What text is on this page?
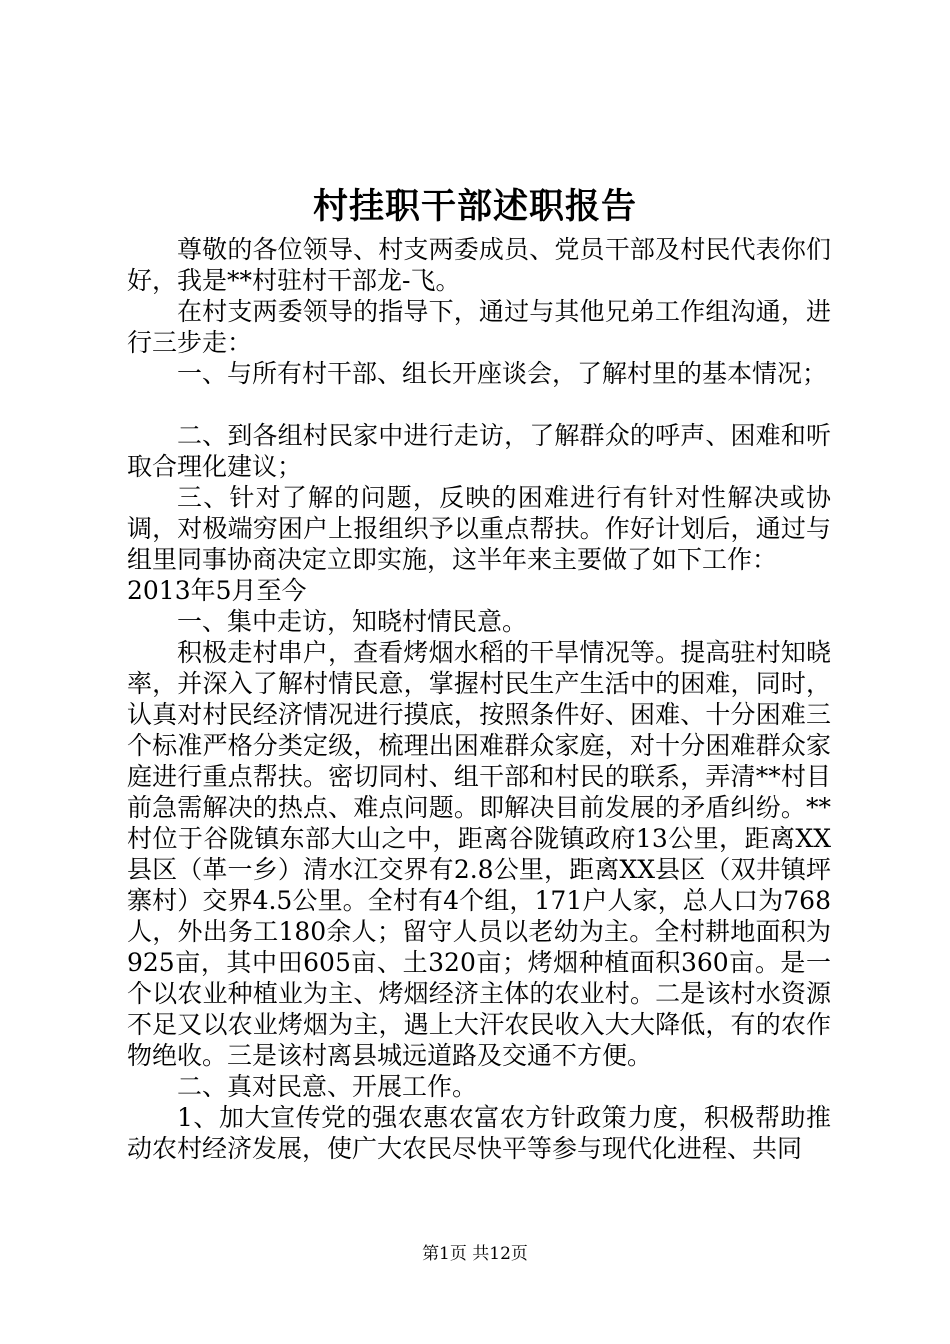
村挂职干部述职报告

尊敬的各位领导、村支两委成员、党员干部及村民代表你们好，我是**村驻村干部龙-飞。

在村支两委领导的指导下，通过与其他兄弟工作组沟通，进行三步走：

一、与所有村干部、组长开座谈会，了解村里的基本情况；

二、到各组村民家中进行走访，了解群众的呼声、困难和听取合理化建议；

三、针对了解的问题，反映的困难进行有针对性解决或协调，对极端穷困户上报组织予以重点帮扶。作好计划后，通过与组里同事协商决定立即实施，这半年来主要做了如下工作：

2013年5月至今

一、集中走访，知晓村情民意。

积极走村串户，查看烤烟水稻的干旱情况等。提高驻村知晓率，并深入了解村情民意，掌握村民生产生活中的困难，同时，认真对村民经济情况进行摸底，按照条件好、困难、十分困难三个标准严格分类定级，梳理出困难群众家庭，对十分困难群众家庭进行重点帮扶。密切同村、组干部和村民的联系，弄清**村目前急需解决的热点、难点问题。即解决目前发展的矛盾纠纷。**村位于谷陇镇东部大山之中，距离谷陇镇政府13公里，距离XX县区（革一乡）清水江交界有2.8公里，距离XX县区（双井镇坪寨村）交界4.5公里。全村有4个组，171户人家，总人口为768人，外出务工180余人；留守人员以老幼为主。全村耕地面积为925亩，其中田605亩、土320亩；烤烟种植面积360亩。是一个以农业种植业为主、烤烟经济主体的农业村。二是该村水资源不足又以农业烤烟为主，遇上大汗农民收入大大降低，有的农作物绝收。三是该村离县城远道路及交通不方便。

二、真对民意、开展工作。

1、加大宣传党的强农惠农富农方针政策力度，积极帮助推动农村经济发展，使广大农民尽快平等参与现代化进程、共同

第1页 共12页
